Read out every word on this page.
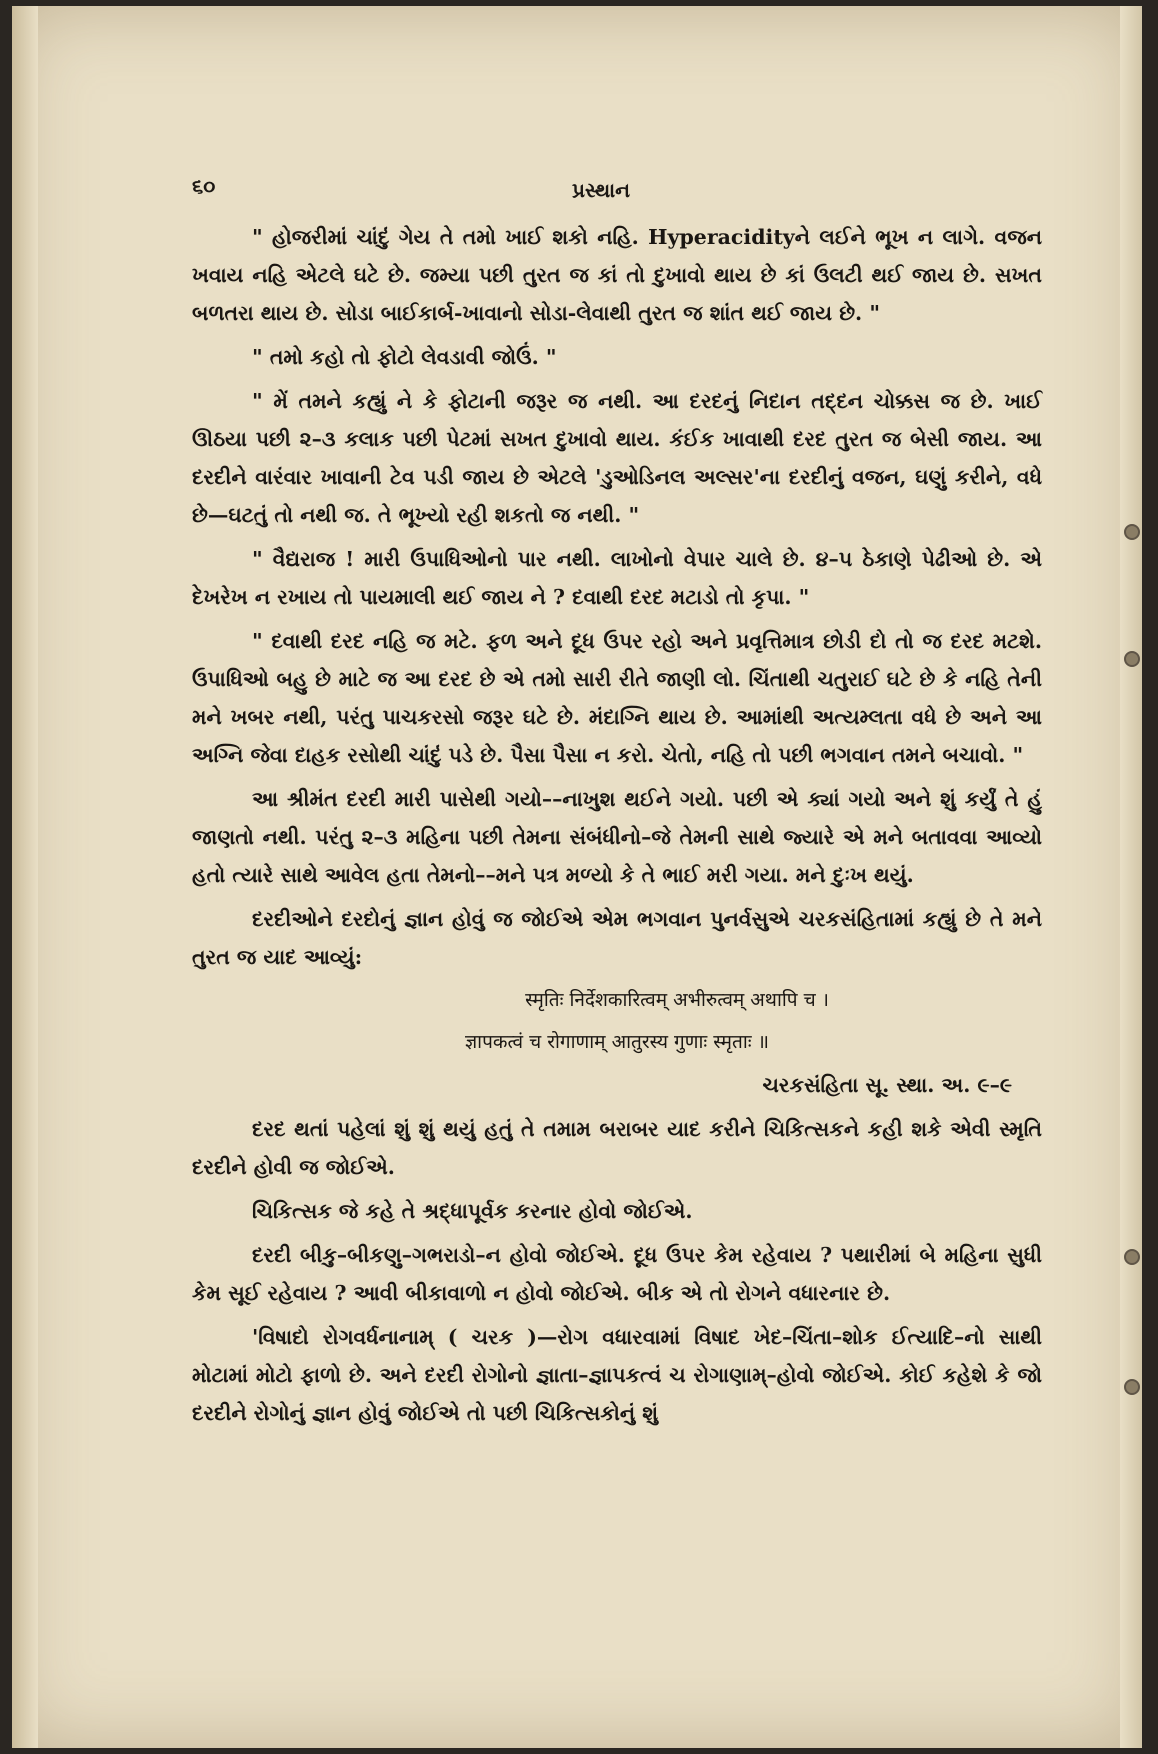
૬૦	પ્રસ્થાન

" હોજરીમાં ચાંદું ગેય તે તમો ખાઈ શકો નહિ. Hyperacidityને લઈને ભૂખ ન લાગે. વજન ખવાય નહિ એટલે ઘટે છે. જમ્યા પછી તુરત જ કાં તો દુખાવો થાય છે કાં ઉલટી થઈ જાય છે. સખત બળતરા થાય છે. સોડા બાઈકાર્બ-ખાવાનો સોડા-લેવાથી તુરત જ શાંત થઈ જાય છે. "

" તમો કહો તો ફોટો લેવડાવી જોઉં. "

" મેં તમને કહ્યું ને કે ફોટાની જરૂર જ નથી. આ દરદનું નિદાન તદ્દન ચોક્કસ જ છે. ખાઈ ઊઠયા પછી ૨–૩ કલાક પછી પેટમાં સખત દુખાવો થાય. કંઈક ખાવાથી દરદ તુરત જ બેસી જાય. આ દરદીને વારંવાર ખાવાની ટેવ પડી જાય છે એટલે 'ડુઓડિનલ અલ્સર'ના દરદીનું વજન, ઘણું કરીને, વધે છે—ઘટતું તો નથી જ. તે ભૂખ્યો રહી શકતો જ નથી. "

" વૈદ્યરાજ ! મારી ઉપાધિઓનો પાર નથી. લાખોનો વેપાર ચાલે છે. ૪–૫ ઠેકાણે પેઢીઓ છે. એ દેખરેખ ન રખાય તો પાયમાલી થઈ જાય ને ? દવાથી દરદ મટાડો તો કૃપા. "

" દવાથી દરદ નહિ જ મટે. ફળ અને દૂધ ઉપર રહો અને પ્રવૃત્તિમાત્ર છોડી દો તો જ દરદ મટશે. ઉપાધિઓ બહુ છે માટે જ આ દરદ છે એ તમો સારી રીતે જાણી લો. ચિંતાથી ચતુરાઈ ઘટે છે કે નહિ તેની મને ખબર નથી, પરંતુ પાચકરસો જરૂર ઘટે છે. મંદાગ્નિ થાય છે. આમાંથી અત્યમ્લતા વધે છે અને આ અગ્નિ જેવા દાહક રસોથી ચાંદું પડે છે. પૈસા પૈસા ન કરો. ચેતો, નહિ તો પછી ભગવાન તમને બચાવો. "

આ શ્રીમંત દરદી મારી પાસેથી ગયો––નાખુશ થઈને ગયો. પછી એ ક્યાં ગયો અને શું કર્યું તે હું જાણતો નથી. પરંતુ ૨–૩ મહિના પછી તેમના સંબંધીનો–જે તેમની સાથે જ્યારે એ મને બતાવવા આવ્યો હતો ત્યારે સાથે આવેલ હતા તેમનો––મને પત્ર મળ્યો કે તે ભાઈ મરી ગયા. મને દુઃખ થયું.

દરદીઓને દરદોનું જ્ઞાન હોવું જ જોઈએ એમ ભગવાન પુનર્વસુએ ચરકસંહિતામાં કહ્યું છે તે મને તુરત જ યાદ આવ્યું:

स्मृतिः निर्देशकारित्वम् अभीरुत्वम् अथापि च ।

ज्ञापकत्वं च रोगाणाम् आतुरस्य गुणाः स्मृताः ॥

ચરકસંહિતા સૂ. સ્થા. અ. ૯–૯

દરદ થતાં પહેલાં શું શું થયું હતું તે તમામ બરાબર યાદ કરીને ચિકિત્સકને કહી શકે એવી સ્મૃતિ દરદીને હોવી જ જોઈએ.

ચિકિત્સક જે કહે તે શ્રદ્ધાપૂર્વક કરનાર હોવો જોઈએ.

દરદી બીકુ–બીકણુ–ગભરાડો–ન હોવો જોઈએ. દૂધ ઉપર કેમ રહેવાય ? પથારીમાં બે મહિના સુધી કેમ સૂઈ રહેવાય ? આવી બીકાવાળો ન હોવો જોઈએ. બીક એ તો રોગને વધારનાર છે.

'વિષાદો રોગવર્ધનાનામ્ ( ચરક )—રોગ વધારવામાં વિષાદ ખેદ–ચિંતા–શોક ઈત્યાદિ–નો સાથી મોટામાં મોટો ફાળો છે. અને દરદી રોગોનો જ્ઞાતા–જ્ઞાપકત્વં ચ રોગાણામ્–હોવો જોઈએ. કોઈ કહેશે કે જો દરદીને રોગોનું જ્ઞાન હોવું જોઈએ તો પછી ચિકિત્સકોનું શું
